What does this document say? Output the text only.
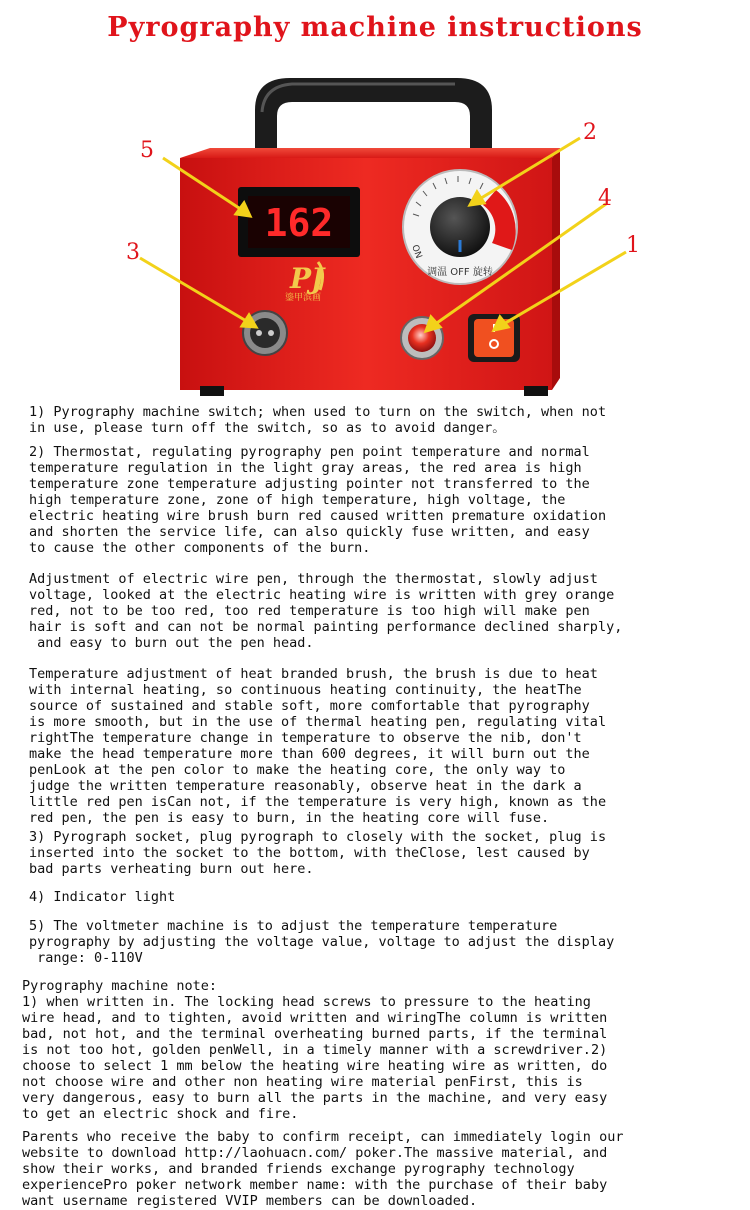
Pyrography machine instructions
162
PJ
鎏甲滨画
ON
调温 OFF 旋转
5
2
4
3	1

1) Pyrography machine switch; when used to turn on the switch, when not
in use, please turn off the switch, so as to avoid danger。

2) Thermostat, regulating pyrography pen point temperature and normal
temperature regulation in the light gray areas, the red area is high
temperature zone temperature adjusting pointer not transferred to the
high temperature zone, zone of high temperature, high voltage, the
electric heating wire brush burn red caused written premature oxidation
and shorten the service life, can also quickly fuse written, and easy
to cause the other components of the burn.

Adjustment of electric wire pen, through the thermostat, slowly adjust
voltage, looked at the electric heating wire is written with grey orange
red, not to be too red, too red temperature is too high will make pen
hair is soft and can not be normal painting performance declined sharply,
and easy to burn out the pen head.

Temperature adjustment of heat branded brush, the brush is due to heat
with internal heating, so continuous heating continuity, the heatThe
source of sustained and stable soft, more comfortable that pyrography
is more smooth, but in the use of thermal heating pen, regulating vital
rightThe temperature change in temperature to observe the nib, don't
make the head temperature more than 600 degrees, it will burn out the
penLook at the pen color to make the heating core, the only way to
judge the written temperature reasonably, observe heat in the dark a
little red pen isCan not, if the temperature is very high, known as the
red pen, the pen is easy to burn, in the heating core will fuse.

3) Pyrograph socket, plug pyrograph to closely with the socket, plug is
inserted into the socket to the bottom, with theClose, lest caused by
bad parts verheating burn out here.

4) Indicator light

5) The voltmeter machine is to adjust the temperature temperature
pyrography by adjusting the voltage value, voltage to adjust the display
range: 0-110V

Pyrography machine note:
1) when written in. The locking head screws to pressure to the heating
wire head, and to tighten, avoid written and wiringThe column is written
bad, not hot, and the terminal overheating burned parts, if the terminal
is not too hot, golden penWell, in a timely manner with a screwdriver.2)
choose to select 1 mm below the heating wire heating wire as written, do
not choose wire and other non heating wire material penFirst, this is
very dangerous, easy to burn all the parts in the machine, and very easy
to get an electric shock and fire.

Parents who receive the baby to confirm receipt, can immediately login our
website to download http://laohuacn.com/ poker.The massive material, and
show their works, and branded friends exchange pyrography technology
experiencePro poker network member name: with the purchase of their baby
want username registered VVIP members can be downloaded.
